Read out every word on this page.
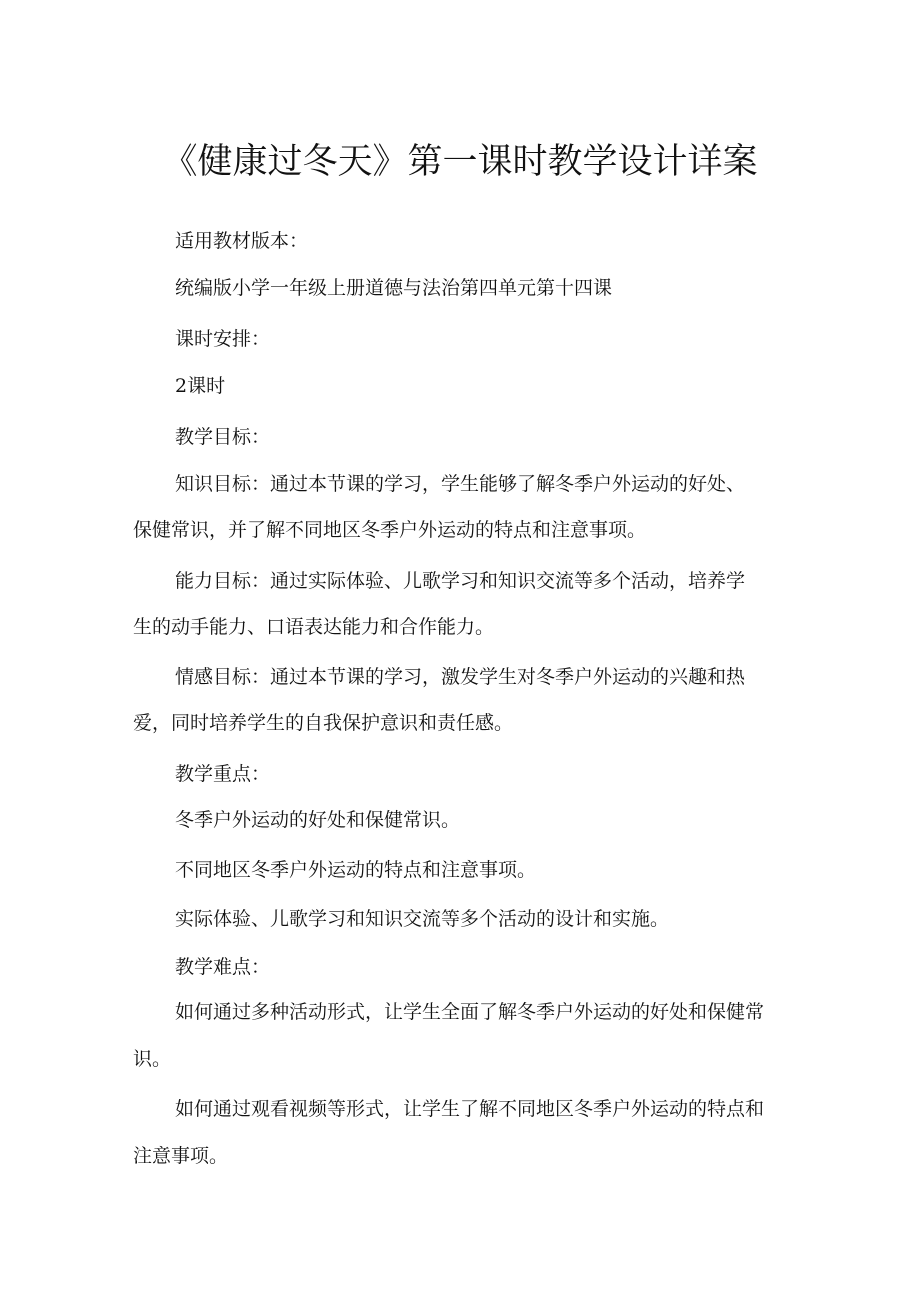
《健康过冬天》第一课时教学设计详案
适用教材版本：
统编版小学一年级上册道德与法治第四单元第十四课
课时安排：
2课时
教学目标：
知识目标：通过本节课的学习，学生能够了解冬季户外运动的好处、
保健常识，并了解不同地区冬季户外运动的特点和注意事项。
能力目标：通过实际体验、儿歌学习和知识交流等多个活动，培养学
生的动手能力、口语表达能力和合作能力。
情感目标：通过本节课的学习，激发学生对冬季户外运动的兴趣和热
爱，同时培养学生的自我保护意识和责任感。
教学重点：
冬季户外运动的好处和保健常识。
不同地区冬季户外运动的特点和注意事项。
实际体验、儿歌学习和知识交流等多个活动的设计和实施。
教学难点：
如何通过多种活动形式，让学生全面了解冬季户外运动的好处和保健常
识。
如何通过观看视频等形式，让学生了解不同地区冬季户外运动的特点和
注意事项。
